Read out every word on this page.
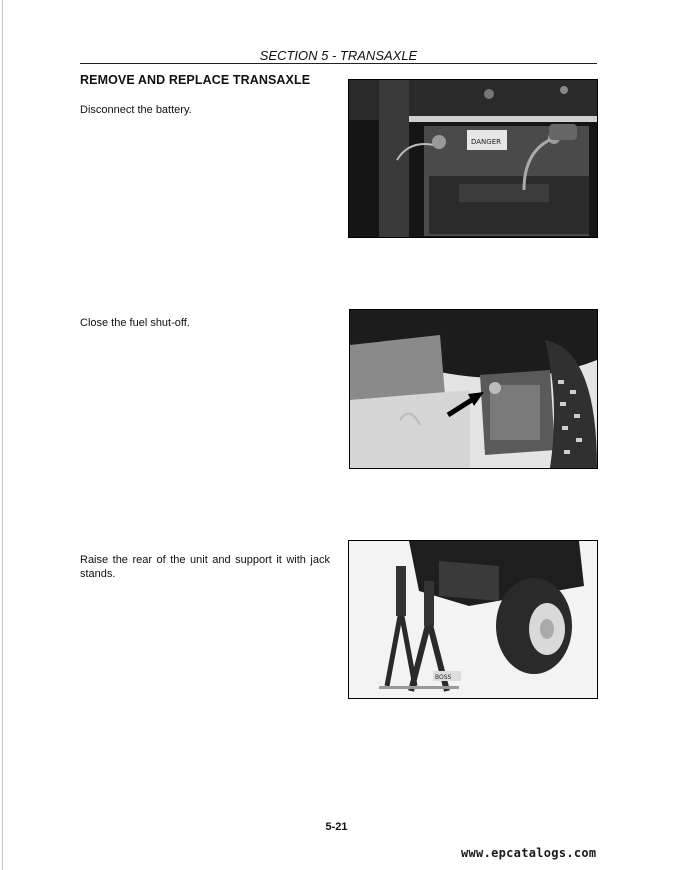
SECTION 5 - TRANSAXLE
REMOVE AND REPLACE TRANSAXLE
Disconnect the battery.
Close the fuel shut-off.
Raise the rear of the unit and support it with jack stands.
DANGER
BOSS
5-21
www.epcatalogs.com
